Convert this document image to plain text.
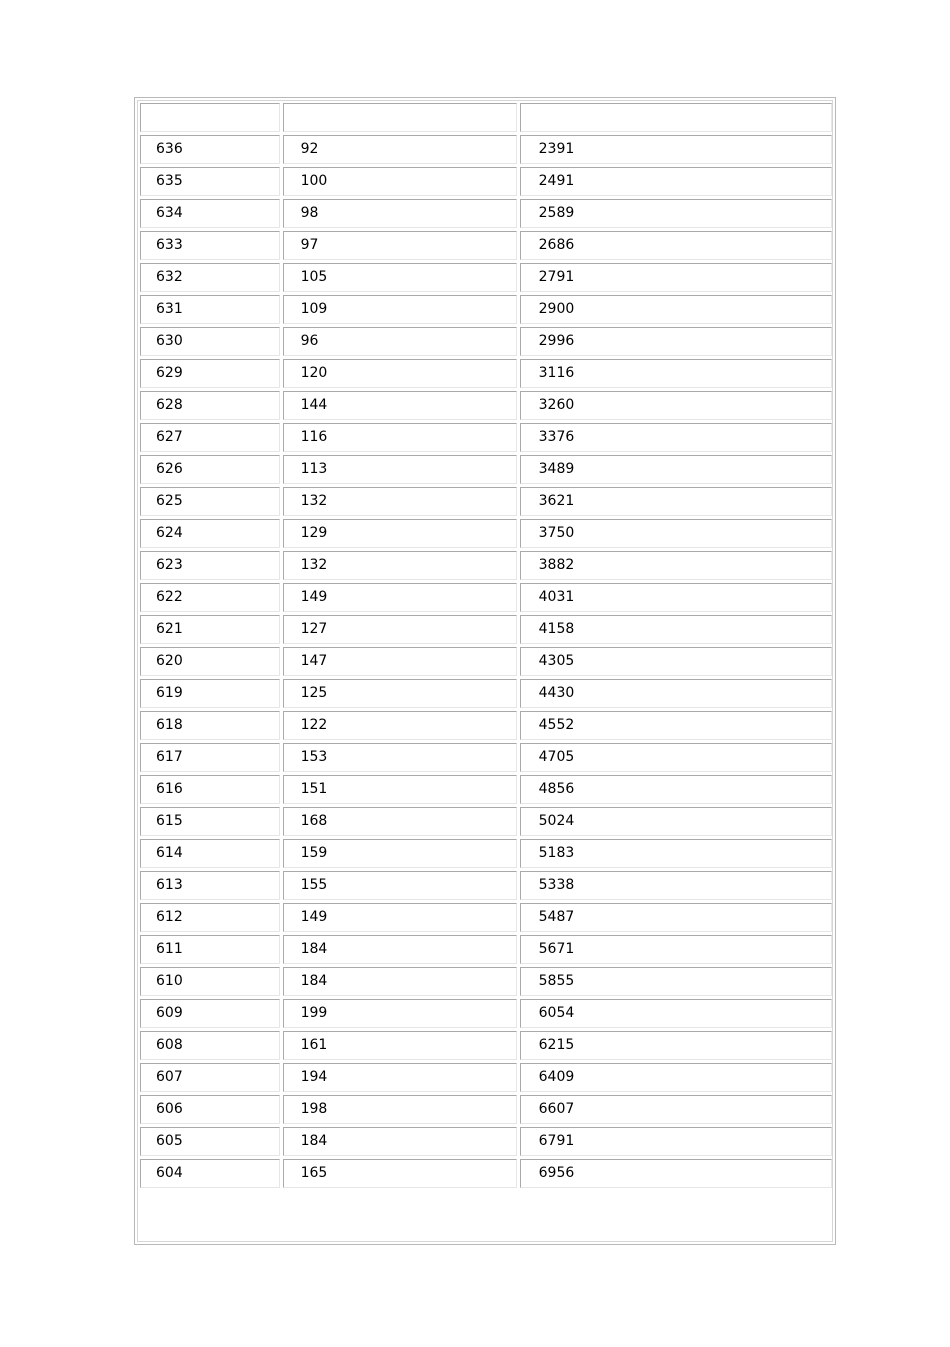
636	92	2391
635	100	2491
634	98	2589
633	97	2686
632	105	2791
631	109	2900
630	96	2996
629	120	3116
628	144	3260
627	116	3376
626	113	3489
625	132	3621
624	129	3750
623	132	3882
622	149	4031
621	127	4158
620	147	4305
619	125	4430
618	122	4552
617	153	4705
616	151	4856
615	168	5024
614	159	5183
613	155	5338
612	149	5487
611	184	5671
610	184	5855
609	199	6054
608	161	6215
607	194	6409
606	198	6607
605	184	6791
604	165	6956
